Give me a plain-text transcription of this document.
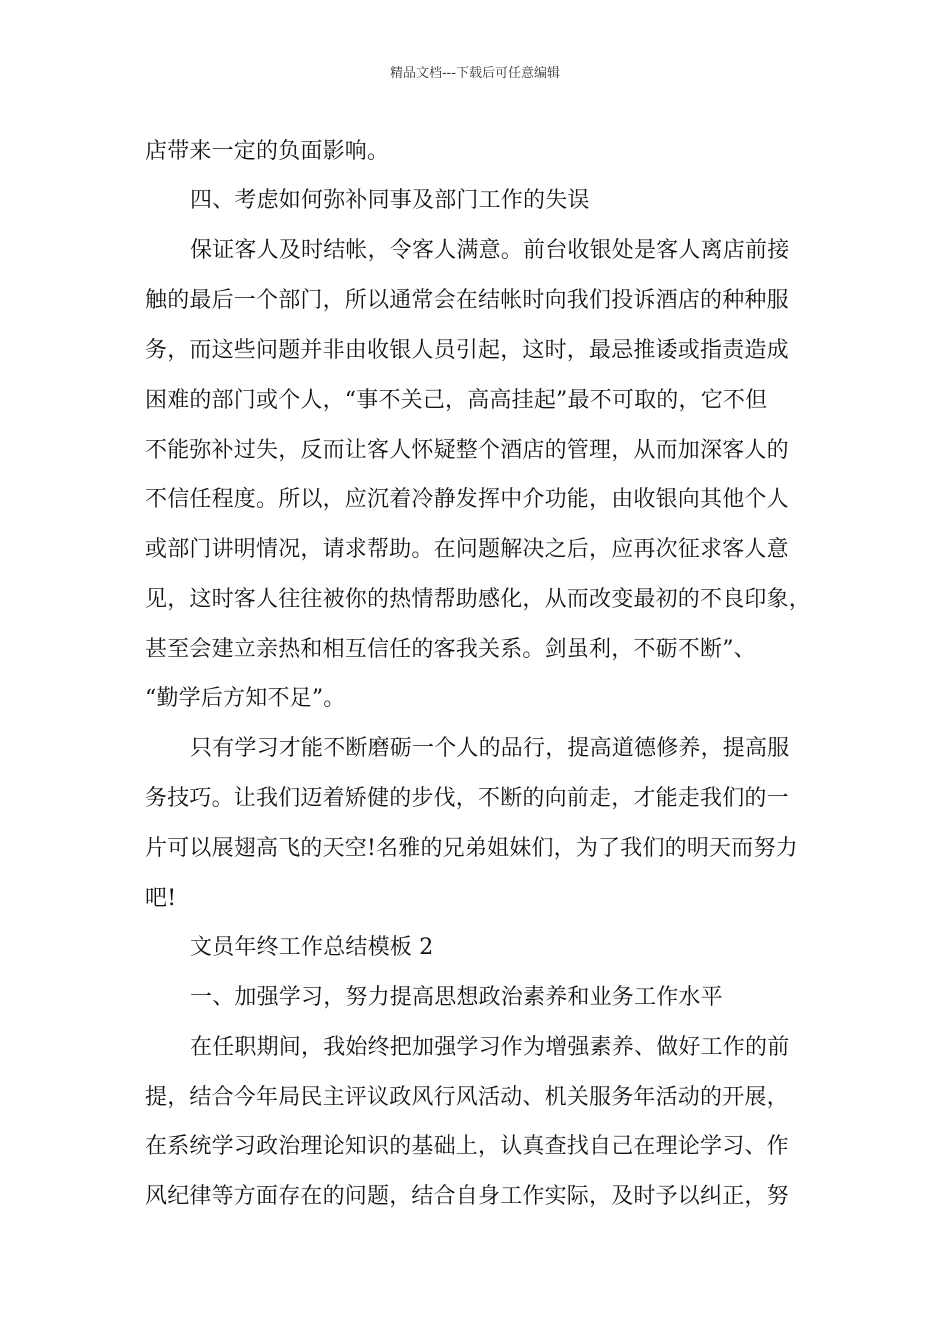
精品文档---下载后可任意编辑
店带来一定的负面影响。
四、考虑如何弥补同事及部门工作的失误
保证客人及时结帐，令客人满意。前台收银处是客人离店前接
触的最后一个部门，所以通常会在结帐时向我们投诉酒店的种种服
务，而这些问题并非由收银人员引起，这时，最忌推诿或指责造成
困难的部门或个人，“事不关己，高高挂起”最不可取的，它不但
不能弥补过失，反而让客人怀疑整个酒店的管理，从而加深客人的
不信任程度。所以，应沉着冷静发挥中介功能，由收银向其他个人
或部门讲明情况，请求帮助。在问题解决之后，应再次征求客人意
见，这时客人往往被你的热情帮助感化，从而改变最初的不良印象，
甚至会建立亲热和相互信任的客我关系。剑虽利，不砺不断”、
“勤学后方知不足”。
只有学习才能不断磨砺一个人的品行，提高道德修养，提高服
务技巧。让我们迈着矫健的步伐，不断的向前走，才能走我们的一
片可以展翅高飞的天空!名雅的兄弟姐妹们，为了我们的明天而努力
吧!
文员年终工作总结模板 2
一、加强学习，努力提高思想政治素养和业务工作水平
在任职期间，我始终把加强学习作为增强素养、做好工作的前
提，结合今年局民主评议政风行风活动、机关服务年活动的开展，
在系统学习政治理论知识的基础上，认真查找自己在理论学习、作
风纪律等方面存在的问题，结合自身工作实际，及时予以纠正，努
